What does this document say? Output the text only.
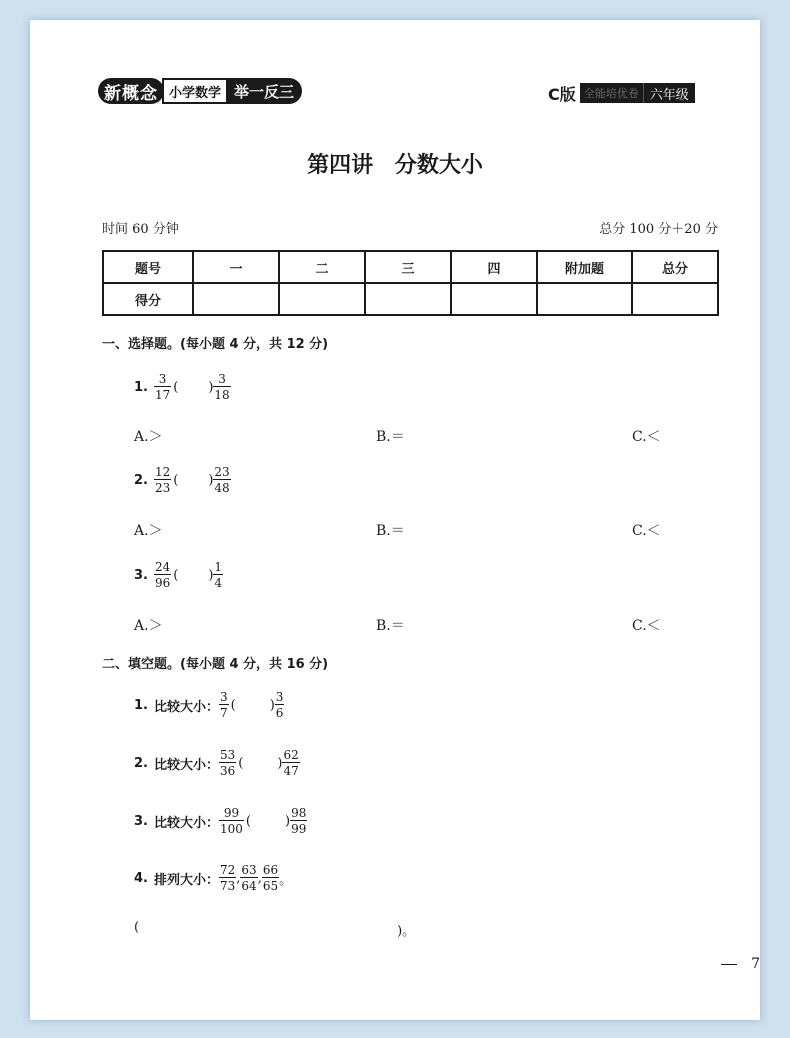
新概念 小学数学 举一反三	C版 全能培优卷 六年级
第四讲 分数大小
时间 60 分钟	总分 100 分＋20 分
题号	一	二	三	四	附加题	总分
得分						
一、选择题。(每小题 4 分，共 12 分)
1. $\frac{3}{17}$ ( ) $\frac{3}{18}$
A.＞	B.＝	C.＜
2. $\frac{12}{23}$ ( ) $\frac{23}{48}$
A.＞	B.＝	C.＜
3. $\frac{24}{96}$ ( ) $\frac{1}{4}$
A.＞	B.＝	C.＜
二、填空题。(每小题 4 分，共 16 分)
1. 比较大小： $\frac{3}{7}$ (	) $\frac{3}{6}$
2. 比较大小： $\frac{53}{36}$ (	) $\frac{62}{47}$
3. 比较大小： $\frac{99}{100}$ (	) $\frac{98}{99}$
4. 排列大小： $\frac{72}{73}$ , $\frac{63}{64}$ , $\frac{66}{65}$ 。
(	)。
7
